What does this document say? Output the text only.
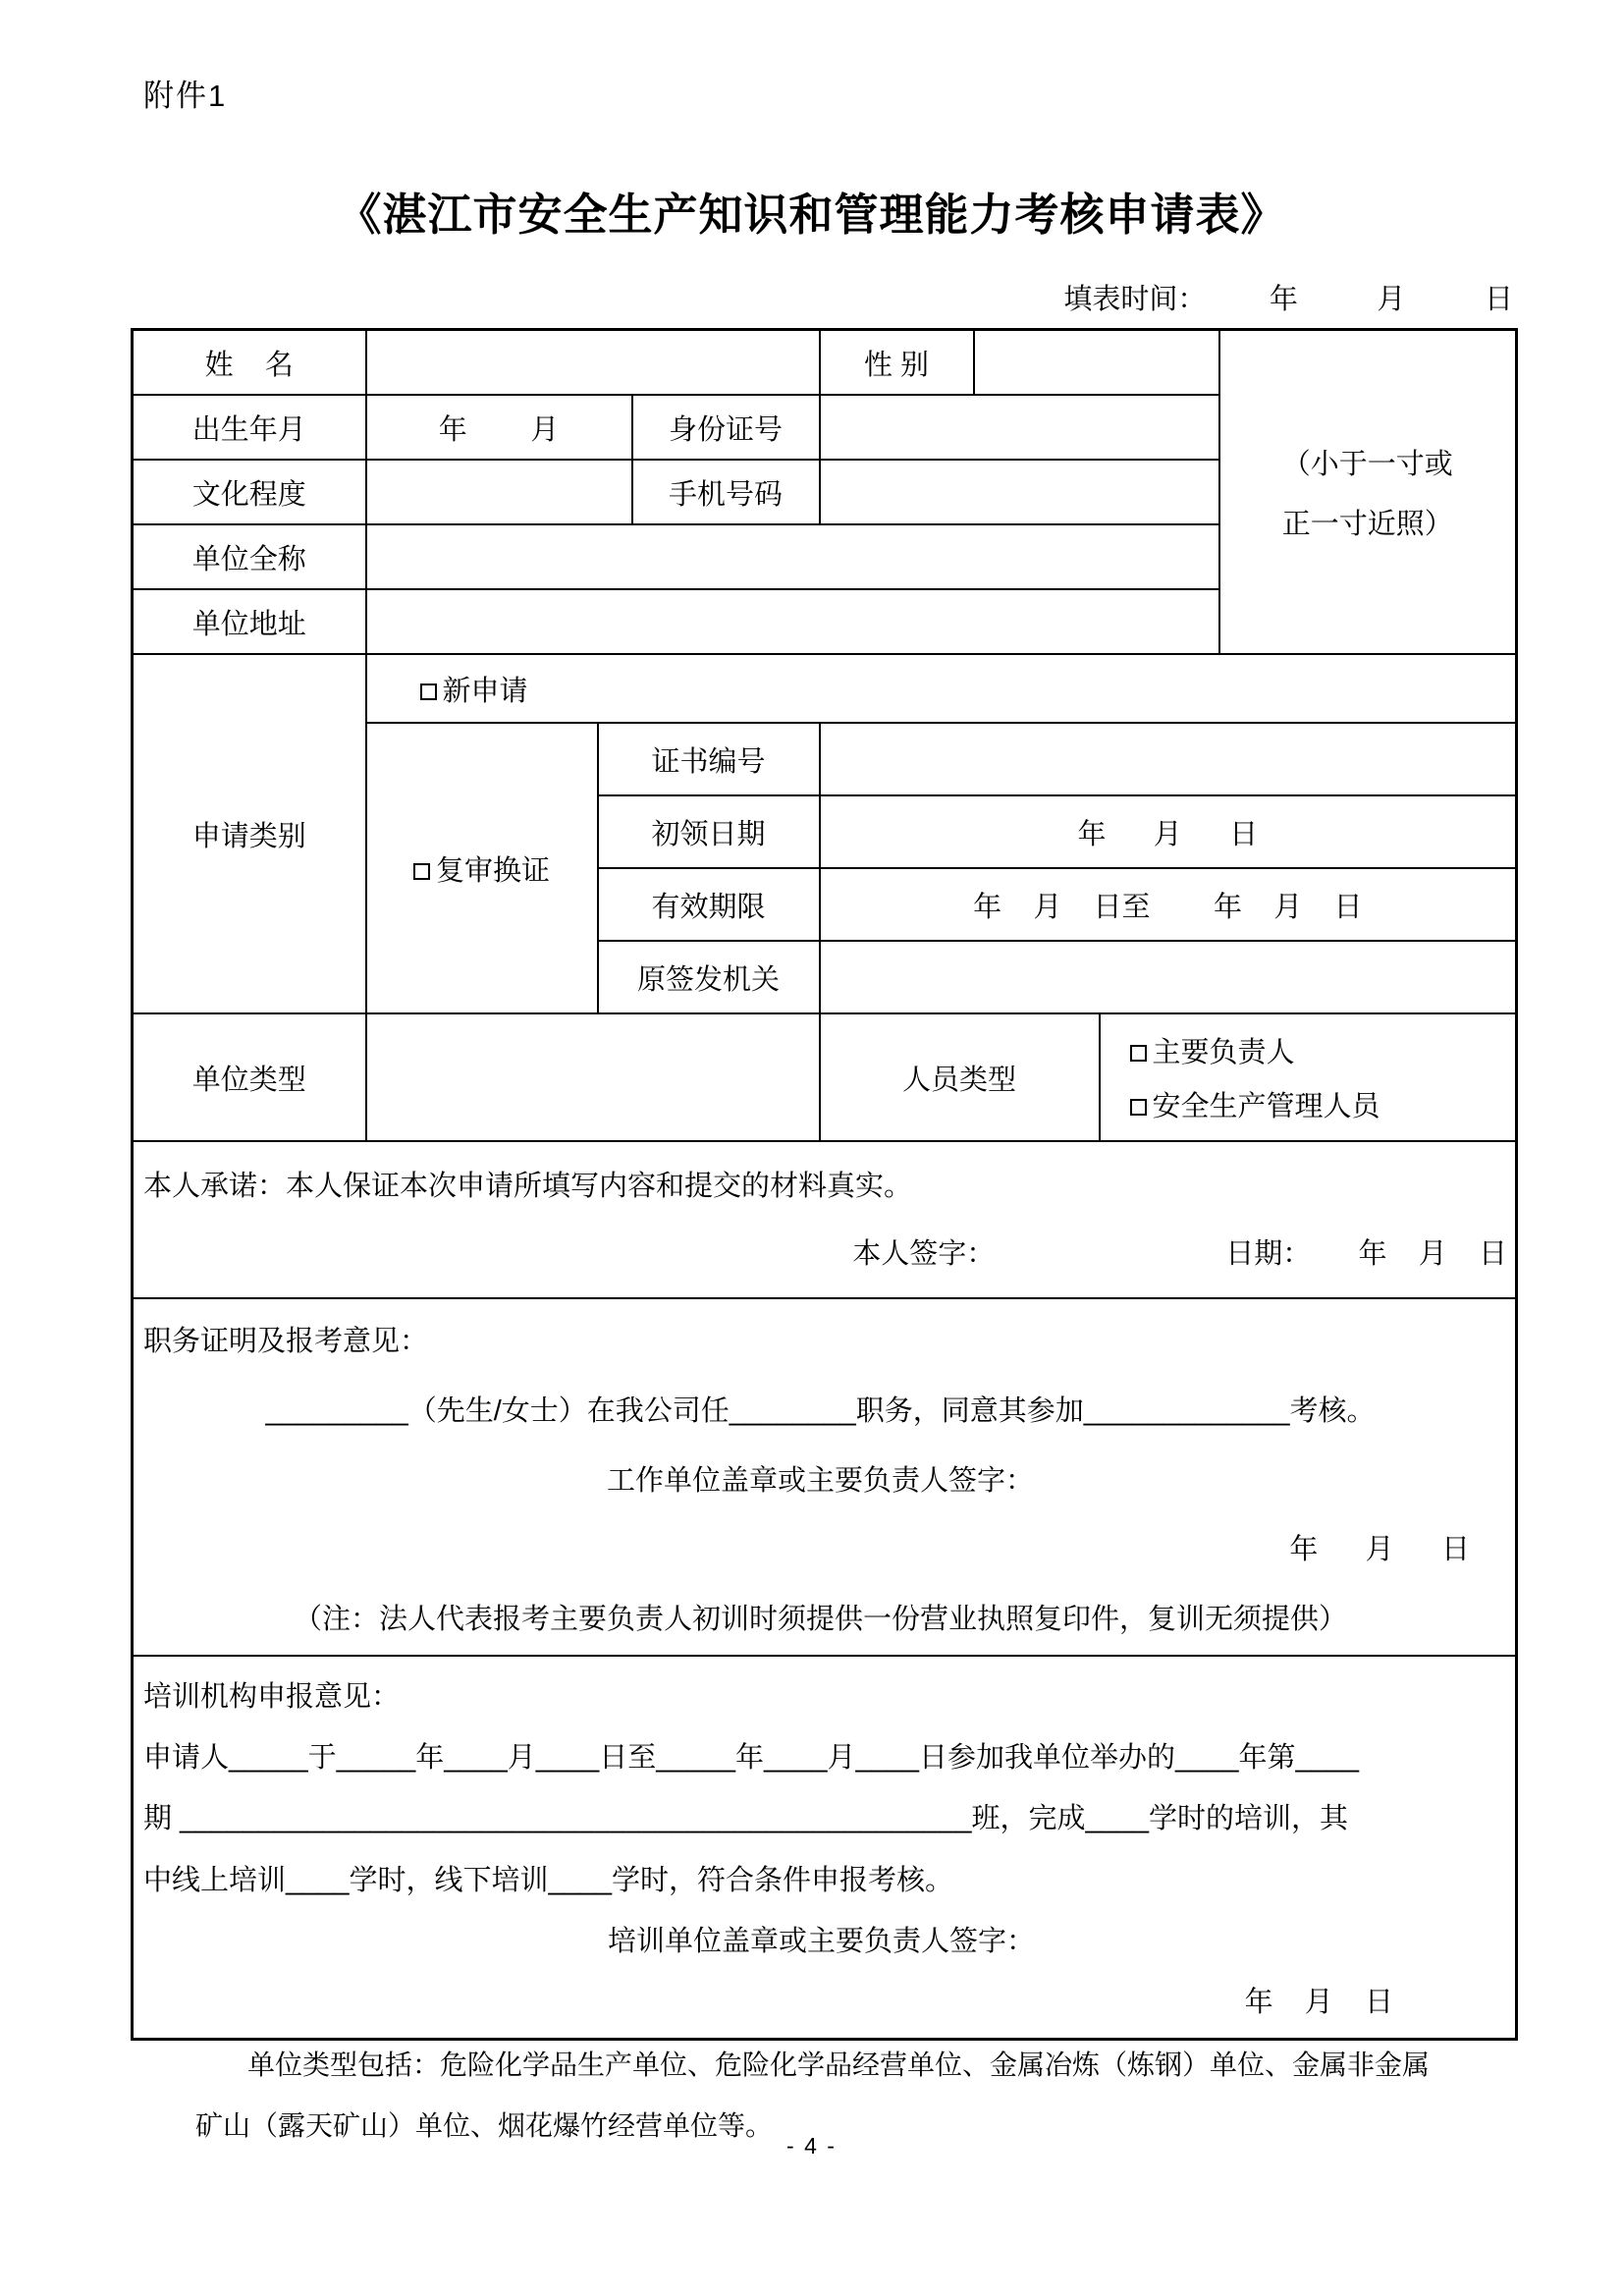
附件1
《湛江市安全生产知识和管理能力考核申请表》
填表时间：        年          月          日
姓    名				性 别			（小于一寸或
正一寸近照）

出生年月	年        月		身份证号				
文化程度			手机号码				
单位全称							
单位地址							
申请类别	新申请						
	复审换证	证书编号					
		初领日期		年      月      日			
		有效期限		年    月    日至        年    月    日			
		原签发机关					
单位类型				人员类型		主要负责人
安全生产管理人员	

本人承诺：本人保证本次申请所填写内容和提交的材料真实。
本人签字： 日期：      年    月    日							

职务证明及报考意见：
_________（先生/女士）在我公司任________职务，同意其参加_____________考核。
工作单位盖章或主要负责人签字：
年      月      日
（注：法人代表报考主要负责人初训时须提供一份营业执照复印件，复训无须提供）							

培训机构申报意见：
申请人_____于_____年____月____日至_____年____月____日参加我单位举办的____年第____
期 __________________________________________________班，完成____学时的培训，其
中线上培训____学时，线下培训____学时，符合条件申报考核。
培训单位盖章或主要负责人签字：
年    月    日
单位类型包括：危险化学品生产单位、危险化学品经营单位、金属冶炼（炼钢）单位、金属非金属
矿山（露天矿山）单位、烟花爆竹经营单位等。
- 4 -
